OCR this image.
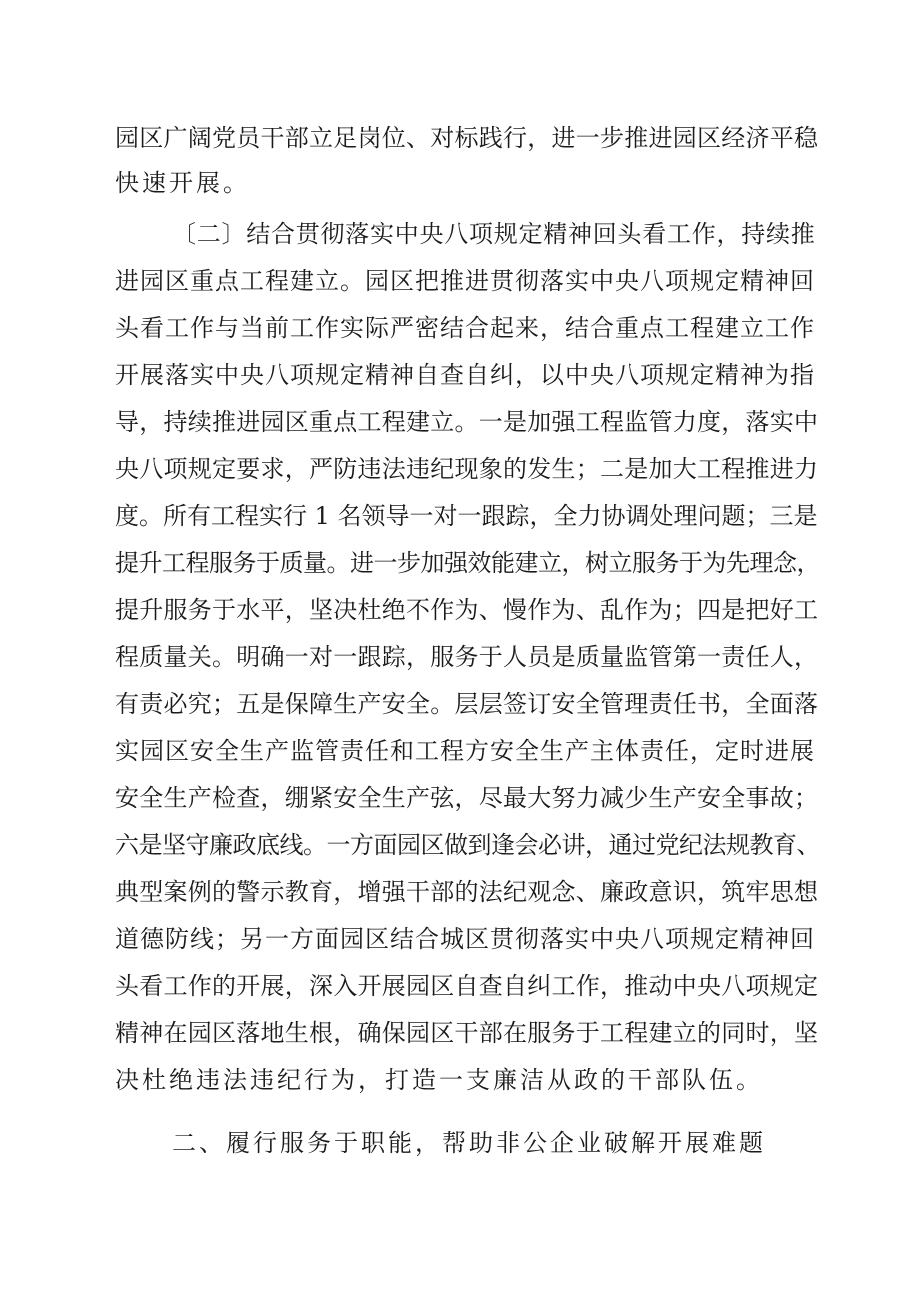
园区广阔党员干部立足岗位、对标践行，进一步推进园区经济平稳
快速开展。
〔二〕结合贯彻落实中央八项规定精神回头看工作，持续推
进园区重点工程建立。园区把推进贯彻落实中央八项规定精神回
头看工作与当前工作实际严密结合起来，结合重点工程建立工作
开展落实中央八项规定精神自查自纠，以中央八项规定精神为指
导，持续推进园区重点工程建立。一是加强工程监管力度，落实中
央八项规定要求，严防违法违纪现象的发生；二是加大工程推进力
度。所有工程实行 1 名领导一对一跟踪，全力协调处理问题；三是
提升工程服务于质量。进一步加强效能建立，树立服务于为先理念，
提升服务于水平，坚决杜绝不作为、慢作为、乱作为；四是把好工
程质量关。明确一对一跟踪，服务于人员是质量监管第一责任人，
有责必究；五是保障生产安全。层层签订安全管理责任书，全面落
实园区安全生产监管责任和工程方安全生产主体责任，定时进展
安全生产检查，绷紧安全生产弦，尽最大努力减少生产安全事故；
六是坚守廉政底线。一方面园区做到逢会必讲，通过党纪法规教育、
典型案例的警示教育，增强干部的法纪观念、廉政意识，筑牢思想
道德防线；另一方面园区结合城区贯彻落实中央八项规定精神回
头看工作的开展，深入开展园区自查自纠工作，推动中央八项规定
精神在园区落地生根，确保园区干部在服务于工程建立的同时，坚
决杜绝违法违纪行为，打造一支廉洁从政的干部队伍。
二、履行服务于职能，帮助非公企业破解开展难题
